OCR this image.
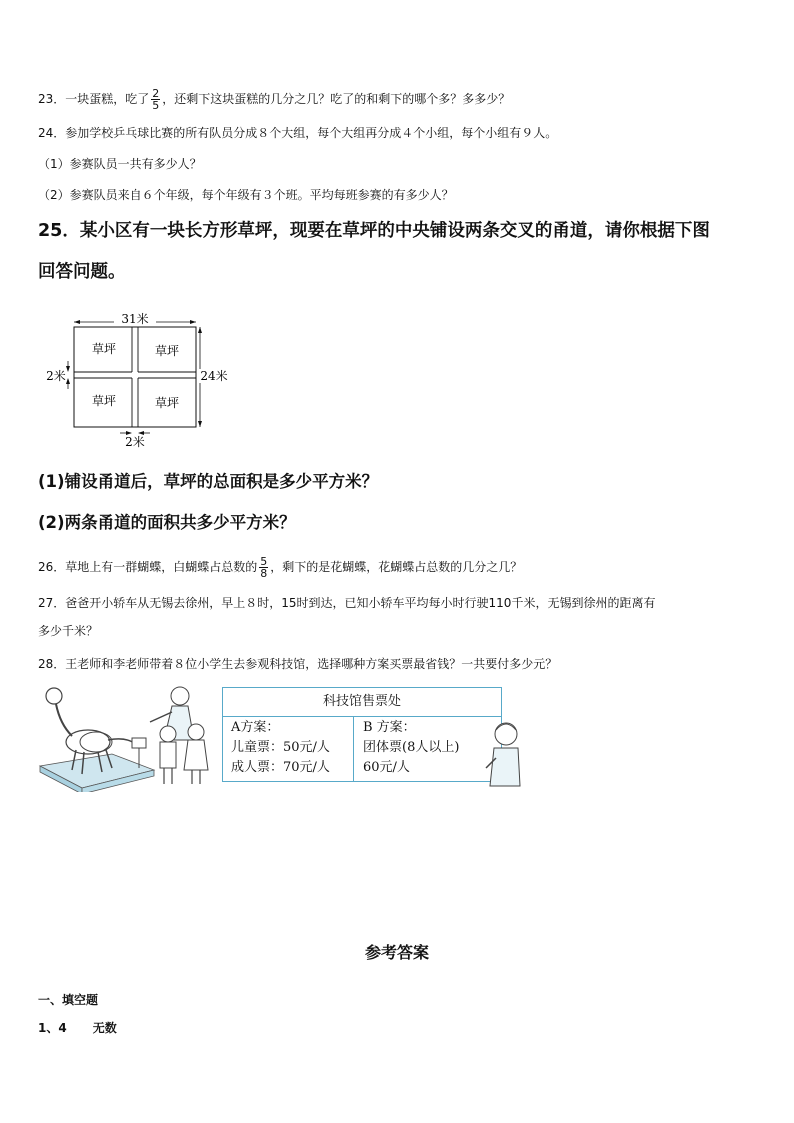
23．一块蛋糕，吃了 $\frac{2}{5}$ ，还剩下这块蛋糕的几分之几？吃了的和剩下的哪个多？多多少？
24．参加学校乒乓球比赛的所有队员分成８个大组，每个大组再分成４个小组，每个小组有９人。
（1）参赛队员一共有多少人？
（2）参赛队员来自６个年级，每个年级有３个班。平均每班参赛的有多少人？
25．某小区有一块长方形草坪，现要在草坪的中央铺设两条交叉的甬道，请你根据下图
回答问题。
31米
24米
草坪	草坪
草坪	草坪
2米
2米
(1)铺设甬道后，草坪的总面积是多少平方米？
(2)两条甬道的面积共多少平方米？
26．草地上有一群蝴蝶，白蝴蝶占总数的 $\frac{5}{8}$ ，剩下的是花蝴蝶，花蝴蝶占总数的几分之几？
27．爸爸开小轿车从无锡去徐州，早上８时，15时到达，已知小轿车平均每小时行驶110千米，无锡到徐州的距离有
多少千米？
28．王老师和李老师带着８位小学生去参观科技馆，选择哪种方案买票最省钱？一共要付多少元？
科技馆售票处
A方案：
儿童票：50元/人
成人票：70元/人
B 方案：
团体票(8人以上)
60元/人
参考答案
一、填空题
1、4 无数
